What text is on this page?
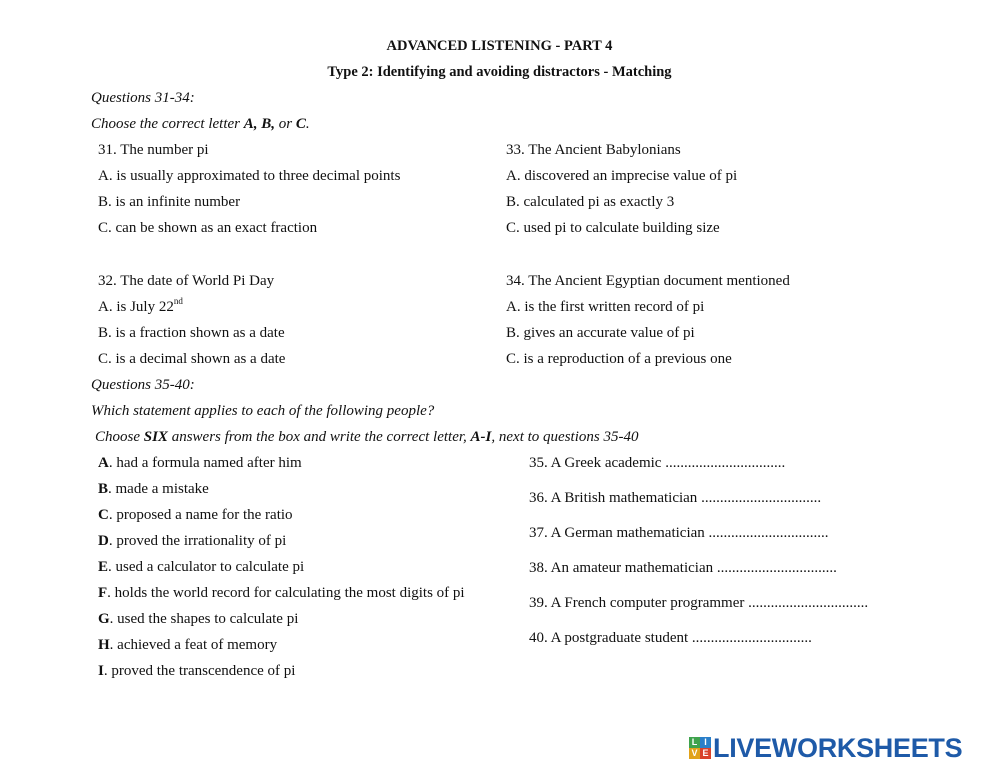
ADVANCED LISTENING - PART 4
Type 2: Identifying and avoiding distractors - Matching
Questions 31-34:
Choose the correct letter A, B, or C.
31. The number pi
A. is usually approximated to three decimal points
B. is an infinite number
C. can be shown as an exact fraction
33. The Ancient Babylonians
A. discovered an imprecise value of pi
B. calculated pi as exactly 3
C. used pi to calculate building size
32. The date of World Pi Day
A. is July 22nd
B. is a fraction shown as a date
C. is a decimal shown as a date
34. The Ancient Egyptian document mentioned
A. is the first written record of pi
B. gives an accurate value of pi
C. is a reproduction of a previous one
Questions 35-40:
Which statement applies to each of the following people?
Choose SIX answers from the box and write the correct letter, A-I, next to questions 35-40
A. had a formula named after him
B. made a mistake
C. proposed a name for the ratio
D. proved the irrationality of pi
E. used a calculator to calculate pi
F. holds the world record for calculating the most digits of pi
G. used the shapes to calculate pi
H. achieved a feat of memory
I. proved the transcendence of pi
35. A Greek academic ................................
36. A British mathematician ................................
37. A German mathematician ................................
38. An amateur mathematician ................................
39. A French computer programmer ................................
40. A postgraduate student ................................
L I
V E LIVEWORKSHEETS
